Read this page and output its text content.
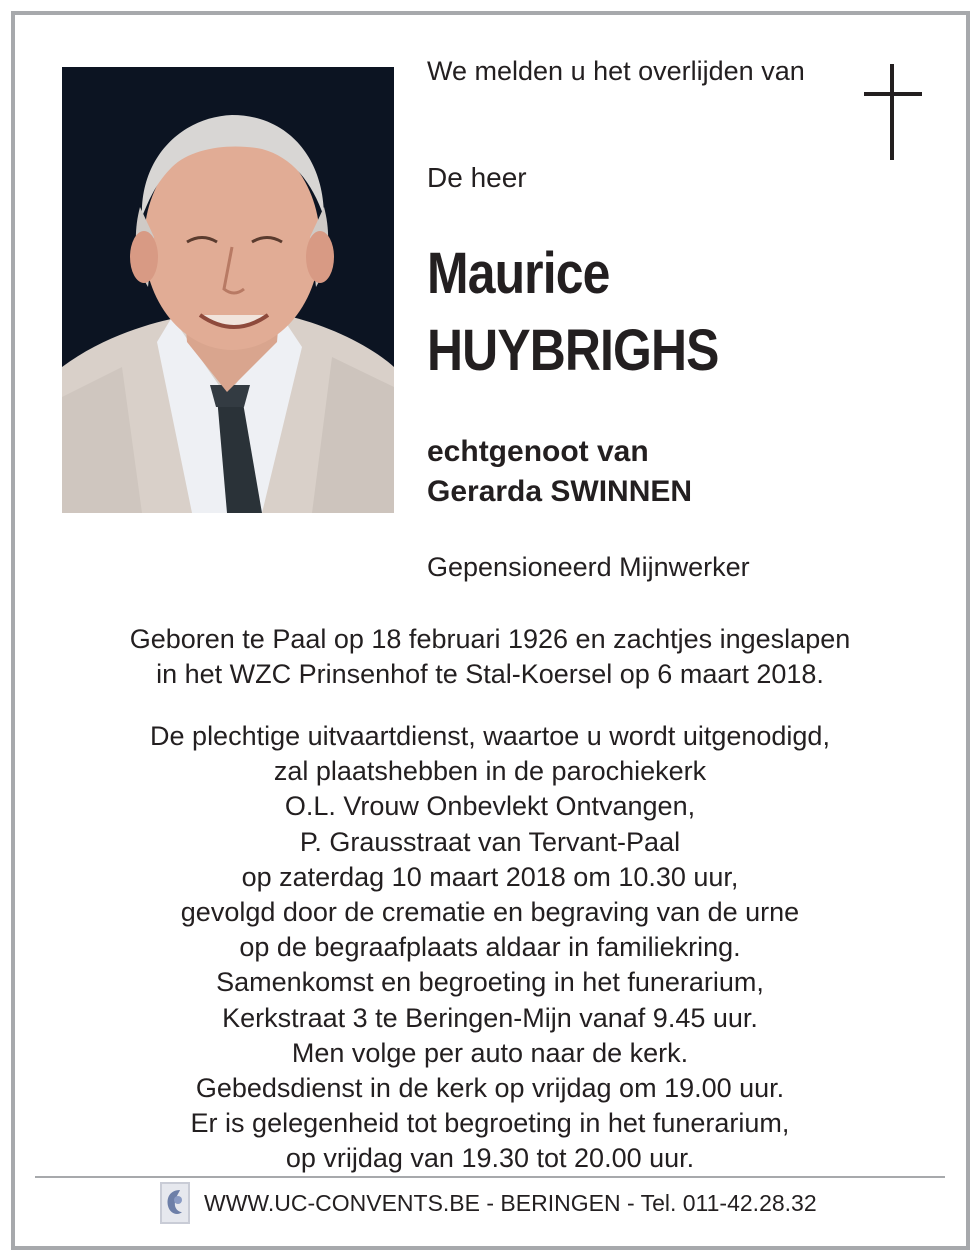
We melden u het overlijden van
De heer
Maurice
HUYBRIGHS
echtgenoot van
Gerarda SWINNEN
Gepensioneerd Mijnwerker
Geboren te Paal op 18 februari 1926 en zachtjes ingeslapen
in het WZC Prinsenhof te Stal-Koersel op 6 maart 2018.
De plechtige uitvaartdienst, waartoe u wordt uitgenodigd,
zal plaatshebben in de parochiekerk
O.L. Vrouw Onbevlekt Ontvangen,
P. Grausstraat van Tervant-Paal
op zaterdag 10 maart 2018 om 10.30 uur,
gevolgd door de crematie en begraving van de urne
op de begraafplaats aldaar in familiekring.
Samenkomst en begroeting in het funerarium,
Kerkstraat 3 te Beringen-Mijn vanaf 9.45 uur.
Men volge per auto naar de kerk.
Gebedsdienst in de kerk op vrijdag om 19.00 uur.
Er is gelegenheid tot begroeting in het funerarium,
op vrijdag van 19.30 tot 20.00 uur.
WWW.UC-CONVENTS.BE - BERINGEN - Tel. 011-42.28.32
